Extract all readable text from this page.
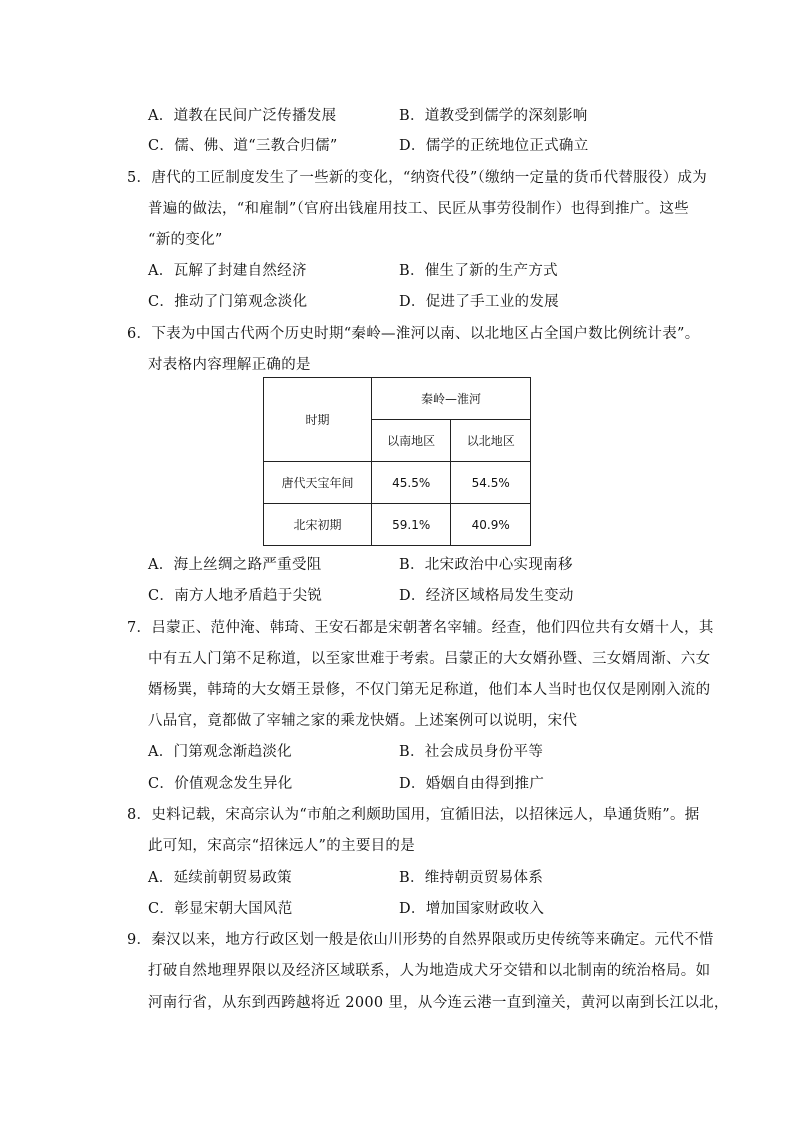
A．道教在民间广泛传播发展	B．道教受到儒学的深刻影响
C．儒、佛、道“三教合归儒”	D．儒学的正统地位正式确立
5．唐代的工匠制度发生了一些新的变化，“纳资代役”（缴纳一定量的货币代替服役）成为
普遍的做法，“和雇制”（官府出钱雇用技工、民匠从事劳役制作）也得到推广。这些
“新的变化”
A．瓦解了封建自然经济	B．催生了新的生产方式
C．推动了门第观念淡化	D．促进了手工业的发展
6．下表为中国古代两个历史时期“秦岭—淮河以南、以北地区占全国户数比例统计表”。
对表格内容理解正确的是
时期	秦岭—淮河	
	以南地区	以北地区
唐代天宝年间	45.5%	54.5%
北宋初期	59.1%	40.9%
A．海上丝绸之路严重受阻	B．北宋政治中心实现南移
C．南方人地矛盾趋于尖锐	D．经济区域格局发生变动
7．吕蒙正、范仲淹、韩琦、王安石都是宋朝著名宰辅。经查，他们四位共有女婿十人，其
中有五人门第不足称道，以至家世难于考索。吕蒙正的大女婿孙暨、三女婿周渐、六女
婿杨巽，韩琦的大女婿王景修，不仅门第无足称道，他们本人当时也仅仅是刚刚入流的
八品官，竟都做了宰辅之家的乘龙快婿。上述案例可以说明，宋代
A．门第观念渐趋淡化	B．社会成员身份平等
C．价值观念发生异化	D．婚姻自由得到推广
8．史料记载，宋高宗认为“市舶之利颇助国用，宜循旧法，以招徕远人，阜通货贿”。据
此可知，宋高宗“招徕远人”的主要目的是
A．延续前朝贸易政策	B．维持朝贡贸易体系
C．彰显宋朝大国风范	D．增加国家财政收入
9．秦汉以来，地方行政区划一般是依山川形势的自然界限或历史传统等来确定。元代不惜
打破自然地理界限以及经济区域联系，人为地造成犬牙交错和以北制南的统治格局。如
河南行省，从东到西跨越将近 2000 里，从今连云港一直到潼关，黄河以南到长江以北，
